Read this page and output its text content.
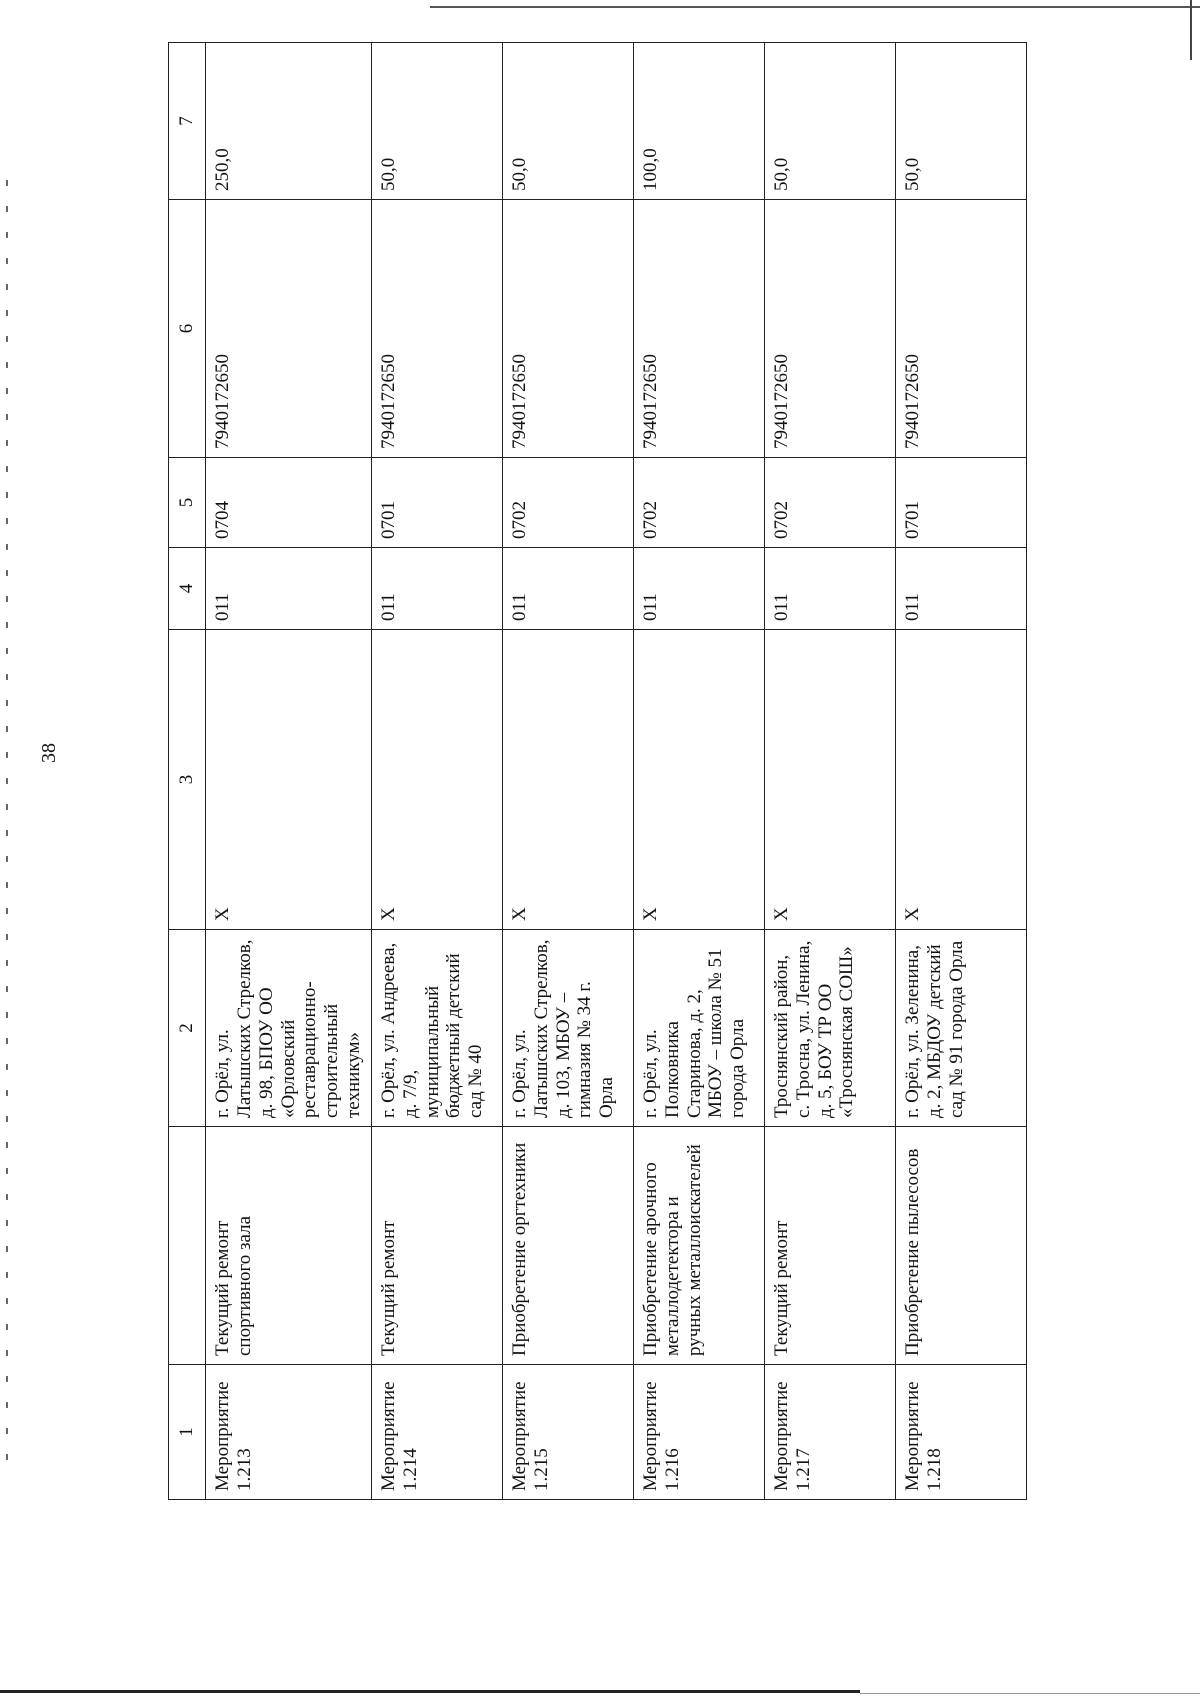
38
1		2	3	4	5	6	7
Мероприятие 1.213	Текущий ремонт спортивного зала	г. Орёл, ул. Латышских Стрелков, д. 98, БПОУ ОО «Орловский реставрационно-строительный техникум»	Х	011	0704	7940172650	250,0
Мероприятие 1.214	Текущий ремонт	г. Орёл, ул. Андреева, д. 7/9, муниципальный бюджетный детский сад № 40	Х	011	0701	7940172650	50,0
Мероприятие 1.215	Приобретение оргтехники	г. Орёл, ул. Латышских Стрелков, д. 103, МБОУ – гимназия № 34 г. Орла	Х	011	0702	7940172650	50,0
Мероприятие 1.216	Приобретение арочного металлодетектора и ручных металлоискателей	г. Орёл, ул. Полковника Старинова, д. 2, МБОУ – школа № 51 города Орла	Х	011	0702	7940172650	100,0
Мероприятие 1.217	Текущий ремонт	Троснянский район, с. Тросна, ул. Ленина, д. 5, БОУ ТР ОО «Троснянская СОШ»	Х	011	0702	7940172650	50,0
Мероприятие 1.218	Приобретение пылесосов	г. Орёл, ул. Зеленина, д. 2, МБДОУ детский сад № 91 города Орла	Х	011	0701	7940172650	50,0
